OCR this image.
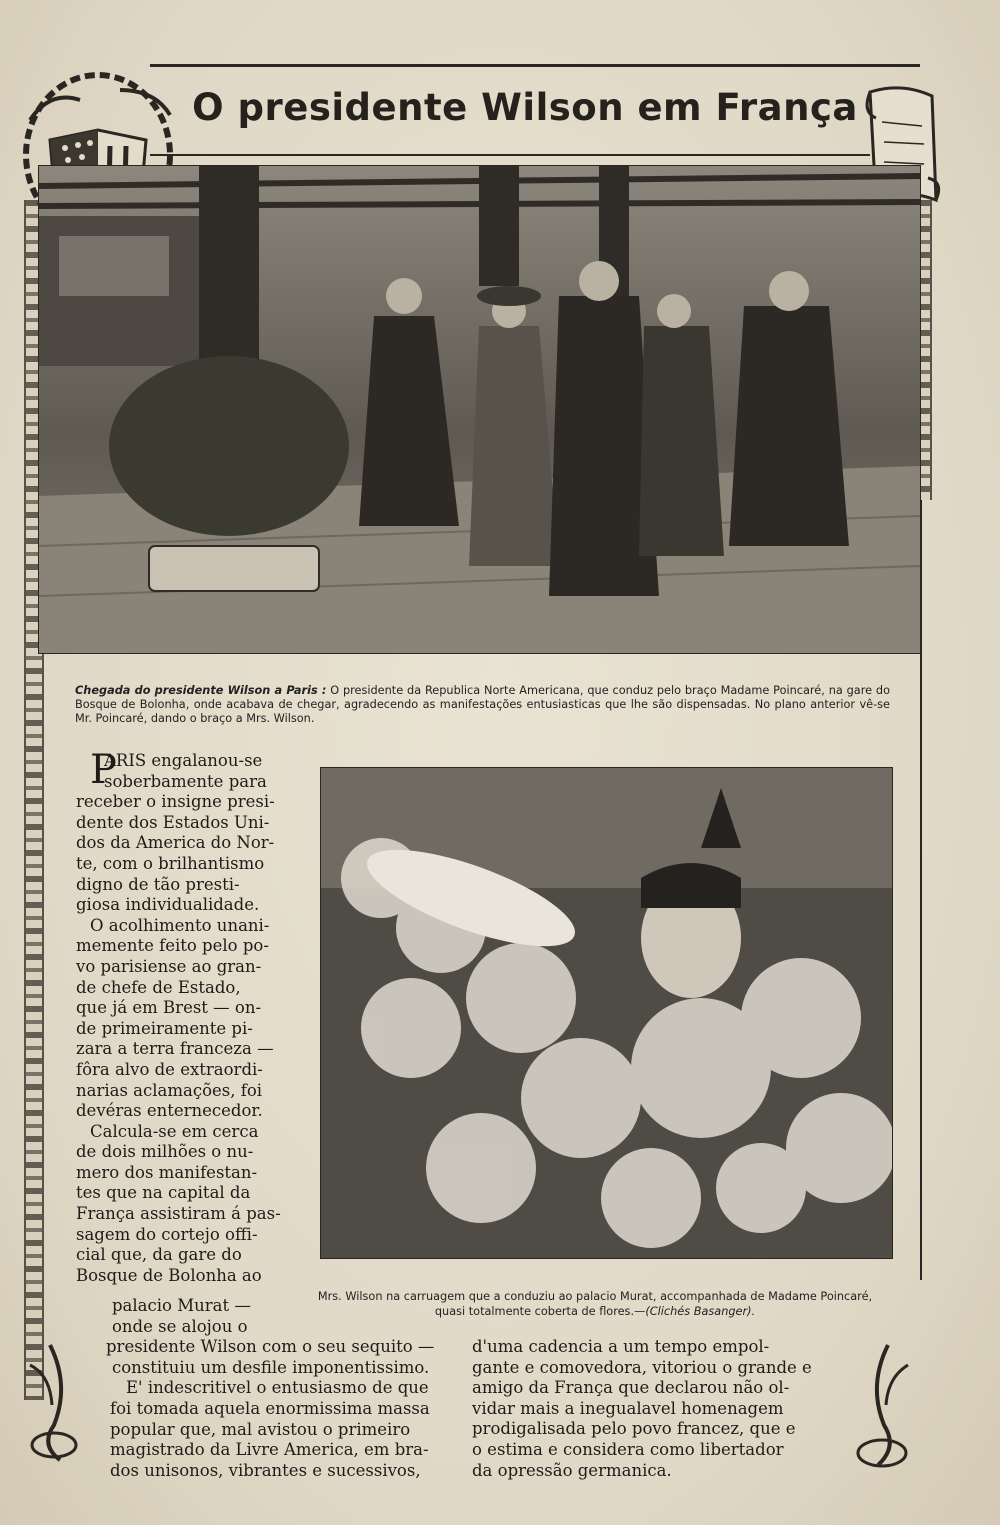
O presidente Wilson em França
Chegada do presidente Wilson a Paris : O presidente da Republica Norte Americana, que conduz pelo braço Madame Poincaré, na gare do Bosque de Bolonha, onde acabava de chegar, agradecendo as manifestações entusiasticas que lhe são dispensadas. No plano anterior vê-se Mr. Poincaré, dando o braço a Mrs. Wilson.
Mrs. Wilson na carruagem que a conduziu ao palacio Murat, accompanhada de Madame Poincaré, quasi totalmente coberta de flores.—(Clichés Basanger).
P
ARIS engalanou-se
soberbamente para
receber o insigne presi-
dente dos Estados Uni-
dos da America do Nor-
te, com o brilhantismo
digno de tão presti-
giosa individualidade.
O acolhimento unani-
memente feito pelo po-
vo parisiense ao gran-
de chefe de Estado,
que já em Brest — on-
de primeiramente pi-
zara a terra franceza —
fôra alvo de extraordi-
narias aclamações, foi
devéras enternecedor.
Calcula-se em cerca
de dois milhões o nu-
mero dos manifestan-
tes que na capital da
França assistiram á pas-
sagem do cortejo offi-
cial que, da gare do
Bosque de Bolonha ao
palacio Murat —
onde se alojou o
presidente Wilson com o seu sequito —
constituiu um desfile imponentissimo.
E' indescritivel o entusiasmo de que
foi tomada aquela enormissima massa
popular que, mal avistou o primeiro
magistrado da Livre America, em bra-
dos unisonos, vibrantes e sucessivos,
d'uma cadencia a um tempo empol-
gante e comovedora, vitoriou o grande e
amigo da França que declarou não ol-
vidar mais a inegualavel homenagem
prodigalisada pelo povo francez, que e
o estima e considera como libertador
da opressão germanica.
